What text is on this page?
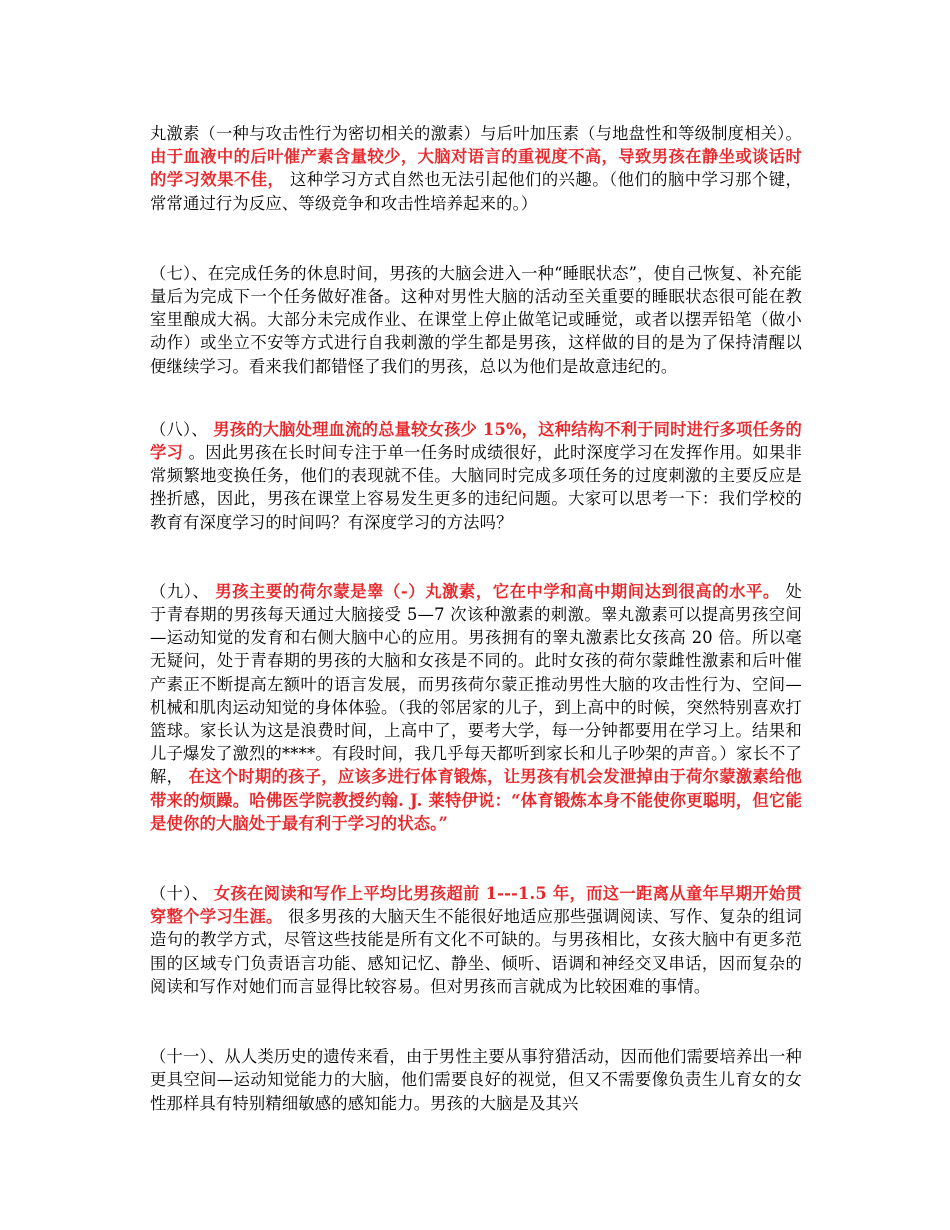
丸激素（一种与攻击性行为密切相关的激素）与后叶加压素（与地盘性和等级制度相关）。 由于血液中的后叶催产素含量较少，大脑对语言的重视度不高，导致男孩在静坐或谈话时的学习效果不佳， 这种学习方式自然也无法引起他们的兴趣。（他们的脑中学习那个键，常常通过行为反应、等级竞争和攻击性培养起来的。）

（七）、在完成任务的休息时间，男孩的大脑会进入一种“睡眠状态”，使自己恢复、补充能量后为完成下一个任务做好准备。这种对男性大脑的活动至关重要的睡眠状态很可能在教室里酿成大祸。大部分未完成作业、在课堂上停止做笔记或睡觉，或者以摆弄铅笔（做小动作）或坐立不安等方式进行自我刺激的学生都是男孩，这样做的目的是为了保持清醒以便继续学习。看来我们都错怪了我们的男孩，总以为他们是故意违纪的。

（八）、 男孩的大脑处理血流的总量较女孩少 15%，这种结构不利于同时进行多项任务的学习 。因此男孩在长时间专注于单一任务时成绩很好，此时深度学习在发挥作用。如果非常频繁地变换任务，他们的表现就不佳。大脑同时完成多项任务的过度刺激的主要反应是挫折感，因此，男孩在课堂上容易发生更多的违纪问题。大家可以思考一下：我们学校的教育有深度学习的时间吗？有深度学习的方法吗？

（九）、 男孩主要的荷尔蒙是睾（-）丸激素，它在中学和高中期间达到很高的水平。 处于青春期的男孩每天通过大脑接受 5—7 次该种激素的刺激。睾丸激素可以提高男孩空间—运动知觉的发育和右侧大脑中心的应用。男孩拥有的睾丸激素比女孩高 20 倍。所以毫无疑问，处于青春期的男孩的大脑和女孩是不同的。此时女孩的荷尔蒙雌性激素和后叶催产素正不断提高左额叶的语言发展，而男孩荷尔蒙正推动男性大脑的攻击性行为、空间—机械和肌肉运动知觉的身体体验。（我的邻居家的儿子，到上高中的时候，突然特别喜欢打篮球。家长认为这是浪费时间，上高中了，要考大学，每一分钟都要用在学习上。结果和儿子爆发了激烈的****。有段时间，我几乎每天都听到家长和儿子吵架的声音。）家长不了解， 在这个时期的孩子，应该多进行体育锻炼，让男孩有机会发泄掉由于荷尔蒙激素给他带来的烦躁。哈佛医学院教授约翰. J. 莱特伊说：“体育锻炼本身不能使你更聪明，但它能是使你的大脑处于最有利于学习的状态。”

（十）、 女孩在阅读和写作上平均比男孩超前 1---1.5 年，而这一距离从童年早期开始贯穿整个学习生涯。 很多男孩的大脑天生不能很好地适应那些强调阅读、写作、复杂的组词造句的教学方式，尽管这些技能是所有文化不可缺的。与男孩相比，女孩大脑中有更多范围的区域专门负责语言功能、感知记忆、静坐、倾听、语调和神经交叉串话，因而复杂的阅读和写作对她们而言显得比较容易。但对男孩而言就成为比较困难的事情。

（十一）、从人类历史的遗传来看，由于男性主要从事狩猎活动，因而他们需要培养出一种更具空间—运动知觉能力的大脑，他们需要良好的视觉，但又不需要像负责生儿育女的女性那样具有特别精细敏感的感知能力。男孩的大脑是及其兴
